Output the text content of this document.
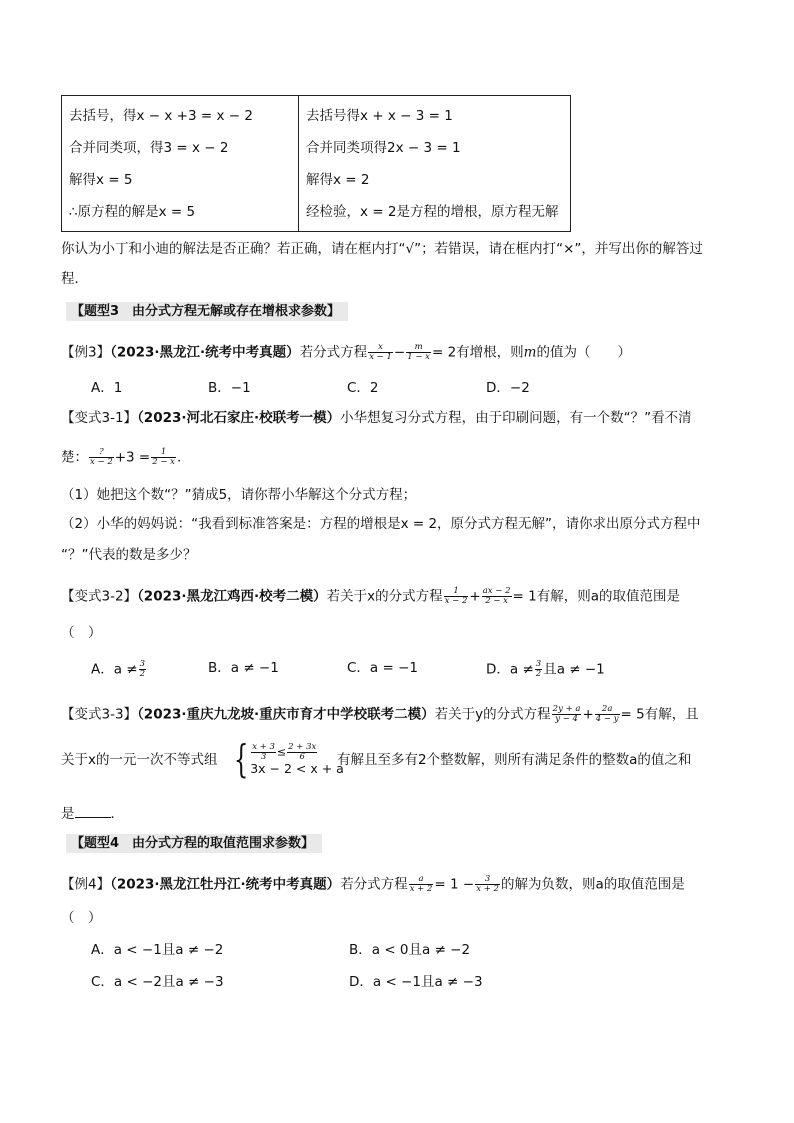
去括号，得x − x +3 = x − 2
合并同类项，得3 = x − 2
解得x = 5
∴原方程的解是x = 5

去括号得x + x − 3 = 1
合并同类项得2x − 3 = 1
解得x = 2
经检验，x = 2是方程的增根，原方程无解
你认为小丁和小迪的解法是否正确？若正确，请在框内打“√”；若错误，请在框内打“×”，并写出你的解答过
程．
【题型3　由分式方程无解或存在增根求参数】
【例3】（2023·黑龙江·统考中考真题）若分式方程 $\frac{x}{x - 1} - \frac{m}{1 - x} = 2$有增根，则m的值为（　　）
A．1	B．−1	C．2	D．−2
【变式3-1】（2023·河北石家庄·校联考一模）小华想复习分式方程，由于印刷问题，有一个数“？”看不清
楚： $\frac{?}{x - 2} +3 = \frac{1}{2 - x}$ .
（1）她把这个数“？”猜成5，请你帮小华解这个分式方程；
（2）小华的妈妈说：“我看到标准答案是：方程的增根是x = 2，原分式方程无解”，请你求出原分式方程中
“？”代表的数是多少？
【变式3-2】（2023·黑龙江鸡西·校考二模）若关于x的分式方程 $\frac{1}{x - 2} + \frac{ax - 2}{2 - x} = 1$有解，则a的取值范围是
（　）
A．$a \ne \frac{3}{2}$	B．a ≠ −1	C．a = −1	D．$a \ne \frac{3}{2}$ 且a ≠ −1
【变式3-3】（2023·重庆九龙坡·重庆市育才中学校联考二模）若关于y的分式方程 $\frac{2y + a}{y - 4} + \frac{2a}{4 - y} = 5$有解，且
关于x的一元一次不等式组 { $\frac{x + 3}{3} \le \frac{2 + 3x}{6}$
3x − 2 < x + a
有解且至多有2个整数解，则所有满足条件的整数a的值之和
是	．
【题型4　由分式方程的取值范围求参数】
【例4】（2023·黑龙江牡丹江·统考中考真题）若分式方程 $\frac{a}{x + 2} = 1 - \frac{3}{x + 2}$ 的解为负数，则a的取值范围是
（　）
A．a < −1且a ≠ −2	B．a < 0且a ≠ −2
C．a < −2且a ≠ −3	D．a < −1且a ≠ −3
